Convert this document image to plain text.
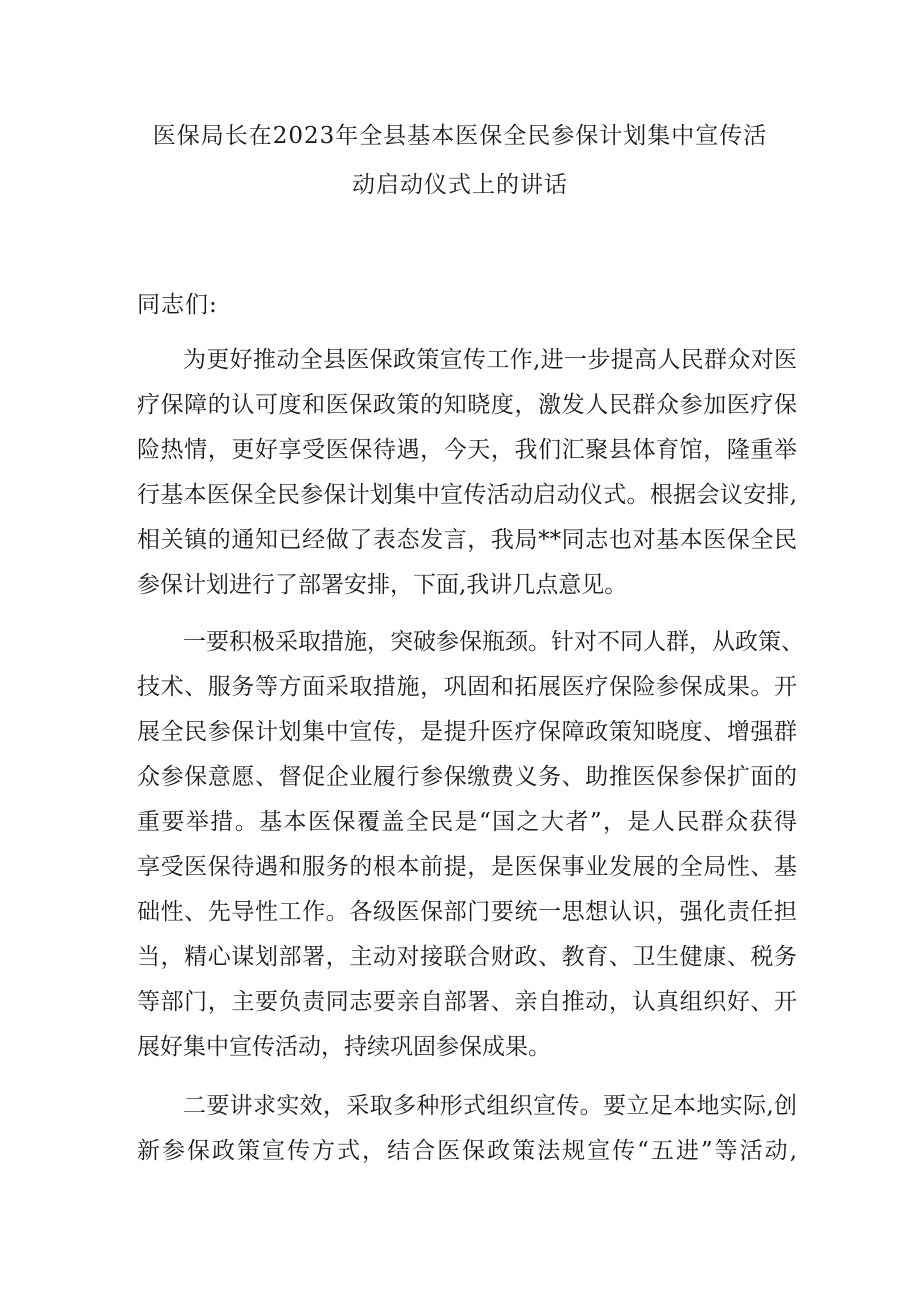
医保局长在2023年全县基本医保全民参保计划集中宣传活
动启动仪式上的讲话
同志们:
为更好推动全县医保政策宣传工作,进一步提高人民群众对医
疗保障的认可度和医保政策的知晓度，激发人民群众参加医疗保
险热情，更好享受医保待遇，今天，我们汇聚县体育馆，隆重举
行基本医保全民参保计划集中宣传活动启动仪式。根据会议安排,
相关镇的通知已经做了表态发言，我局**同志也对基本医保全民
参保计划进行了部署安排，下面,我讲几点意见。
一要积极采取措施，突破参保瓶颈。针对不同人群，从政策、
技术、服务等方面采取措施，巩固和拓展医疗保险参保成果。开
展全民参保计划集中宣传，是提升医疗保障政策知晓度、增强群
众参保意愿、督促企业履行参保缴费义务、助推医保参保扩面的
重要举措。基本医保覆盖全民是“国之大者”，是人民群众获得
享受医保待遇和服务的根本前提，是医保事业发展的全局性、基
础性、先导性工作。各级医保部门要统一思想认识，强化责任担
当，精心谋划部署，主动对接联合财政、教育、卫生健康、税务
等部门，主要负责同志要亲自部署、亲自推动，认真组织好、开
展好集中宣传活动，持续巩固参保成果。
二要讲求实效，采取多种形式组织宣传。要立足本地实际,创
新参保政策宣传方式，结合医保政策法规宣传“五进”等活动,
